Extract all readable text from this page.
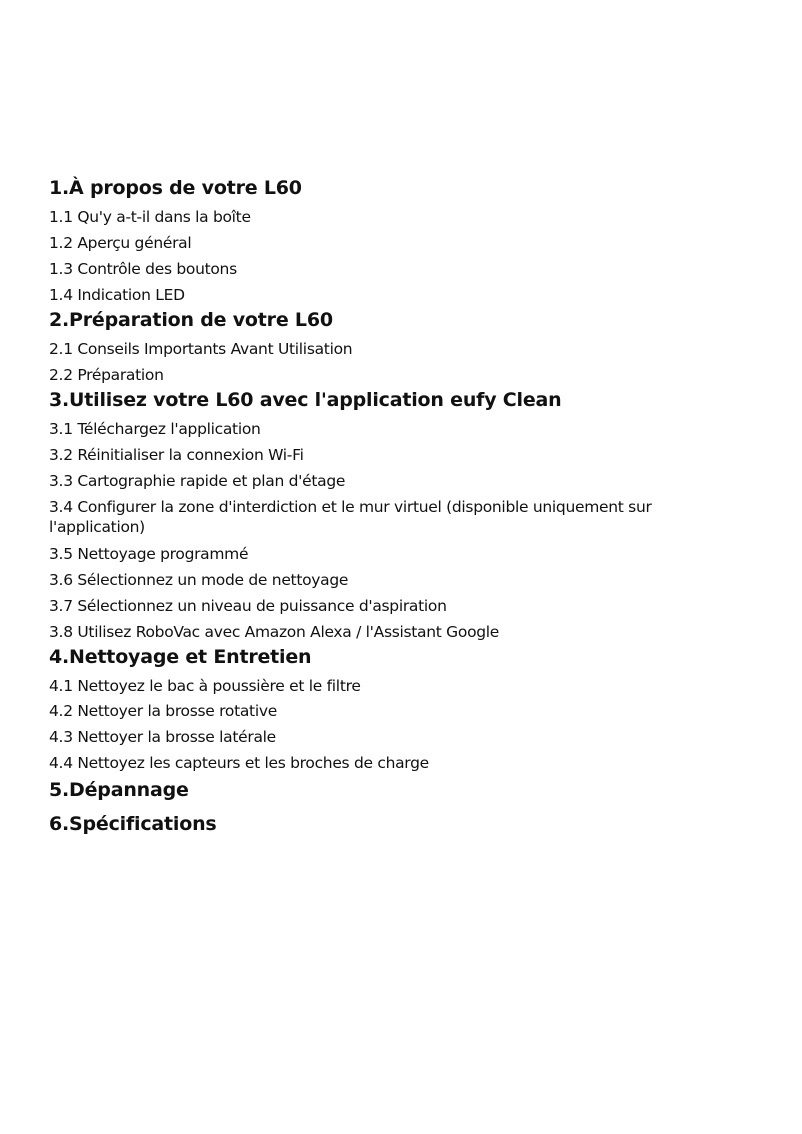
1.À propos de votre L60
1.1 Qu'y a-t-il dans la boîte
1.2 Aperçu général
1.3 Contrôle des boutons
1.4 Indication LED
2.Préparation de votre L60
2.1 Conseils Importants Avant Utilisation
2.2 Préparation
3.Utilisez votre L60 avec l'application eufy Clean
3.1 Téléchargez l'application
3.2 Réinitialiser la connexion Wi-Fi
3.3 Cartographie rapide et plan d'étage
3.4 Configurer la zone d'interdiction et le mur virtuel (disponible uniquement sur l'application)
3.5 Nettoyage programmé
3.6 Sélectionnez un mode de nettoyage
3.7 Sélectionnez un niveau de puissance d'aspiration
3.8 Utilisez RoboVac avec Amazon Alexa / l'Assistant Google
4.Nettoyage et Entretien
4.1 Nettoyez le bac à poussière et le filtre
4.2 Nettoyer la brosse rotative
4.3 Nettoyer la brosse latérale
4.4 Nettoyez les capteurs et les broches de charge
5.Dépannage
6.Spécifications
